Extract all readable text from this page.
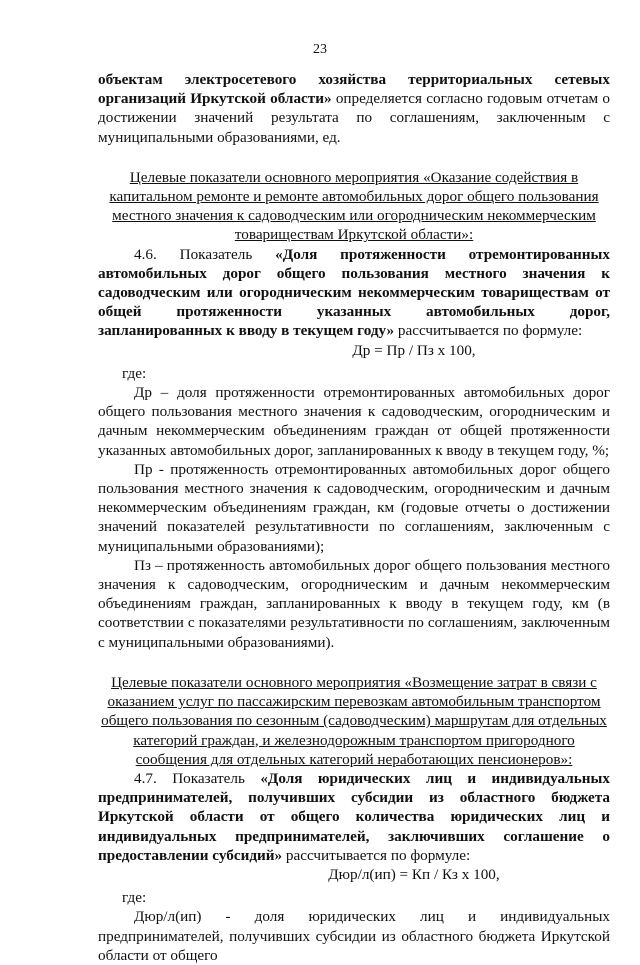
23

объектам электросетевого хозяйства территориальных сетевых
организаций Иркутской области» определяется согласно годовым отчетам о достижении значений результата по соглашениям, заключенным с муниципальными образованиями, ед.

Целевые показатели основного мероприятия «Оказание содействия в капитальном ремонте и ремонте автомобильных дорог общего пользования местного значения к садоводческим или огородническим некоммерческим товариществам Иркутской области»:

4.6. Показатель «Доля протяженности отремонтированных автомобильных дорог общего пользования местного значения к садоводческим или огородническим некоммерческим товариществам от общей протяженности указанных автомобильных дорог, запланированных к вводу в текущем году» рассчитывается по формуле:

Др = Пр / Пз х 100,

где:

Др – доля протяженности отремонтированных автомобильных дорог общего пользования местного значения к садоводческим, огородническим и дачным некоммерческим объединениям граждан от общей протяженности указанных автомобильных дорог, запланированных к вводу в текущем году, %;

Пр - протяженность отремонтированных автомобильных дорог общего пользования местного значения к садоводческим, огородническим и дачным некоммерческим объединениям граждан, км (годовые отчеты о достижении значений показателей результативности по соглашениям, заключенным с муниципальными образованиями);

Пз – протяженность автомобильных дорог общего пользования местного значения к садоводческим, огородническим и дачным некоммерческим объединениям граждан, запланированных к вводу в текущем году, км (в соответствии с показателями результативности по соглашениям, заключенным с муниципальными образованиями).

Целевые показатели основного мероприятия «Возмещение затрат в связи с оказанием услуг по пассажирским перевозкам автомобильным транспортом общего пользования по сезонным (садоводческим) маршрутам для отдельных категорий граждан, и железнодорожным транспортом пригородного сообщения для отдельных категорий неработающих пенсионеров»:

4.7. Показатель «Доля юридических лиц и индивидуальных предпринимателей, получивших субсидии из областного бюджета Иркутской области от общего количества юридических лиц и индивидуальных предпринимателей, заключивших соглашение о предоставлении субсидий» рассчитывается по формуле:

Дюр/л(ип) = Кп / Кз х 100,

где:

Дюр/л(ип) - доля юридических лиц и индивидуальных предпринимателей, получивших субсидии из областного бюджета Иркутской области от общего
